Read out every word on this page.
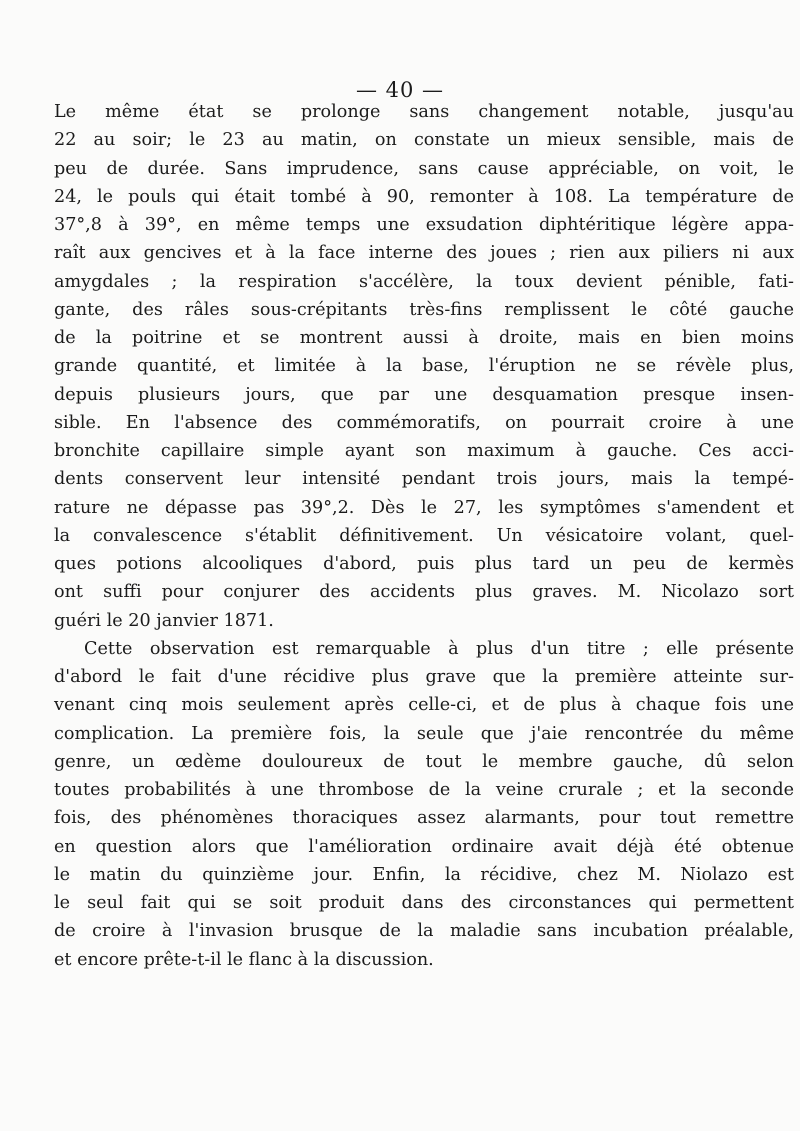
— 40 —
Le même état se prolonge sans changement notable, jusqu'au
22 au soir; le 23 au matin, on constate un mieux sensible, mais de
peu de durée. Sans imprudence, sans cause appréciable, on voit, le
24, le pouls qui était tombé à 90, remonter à 108. La température de
37°,8 à 39°, en même temps une exsudation diphtéritique légère appa-
raît aux gencives et à la face interne des joues ; rien aux piliers ni aux
amygdales ; la respiration s'accélère, la toux devient pénible, fati-
gante, des râles sous-crépitants très-fins remplissent le côté gauche
de la poitrine et se montrent aussi à droite, mais en bien moins
grande quantité, et limitée à la base, l'éruption ne se révèle plus,
depuis plusieurs jours, que par une desquamation presque insen-
sible. En l'absence des commémoratifs, on pourrait croire à une
bronchite capillaire simple ayant son maximum à gauche. Ces acci-
dents conservent leur intensité pendant trois jours, mais la tempé-
rature ne dépasse pas 39°,2. Dès le 27, les symptômes s'amendent et
la convalescence s'établit définitivement. Un vésicatoire volant, quel-
ques potions alcooliques d'abord, puis plus tard un peu de kermès
ont suffi pour conjurer des accidents plus graves. M. Nicolazo sort
guéri le 20 janvier 1871.
Cette observation est remarquable à plus d'un titre ; elle présente
d'abord le fait d'une récidive plus grave que la première atteinte sur-
venant cinq mois seulement après celle-ci, et de plus à chaque fois une
complication. La première fois, la seule que j'aie rencontrée du même
genre, un œdème douloureux de tout le membre gauche, dû selon
toutes probabilités à une thrombose de la veine crurale ; et la seconde
fois, des phénomènes thoraciques assez alarmants, pour tout remettre
en question alors que l'amélioration ordinaire avait déjà été obtenue
le matin du quinzième jour. Enfin, la récidive, chez M. Niolazo est
le seul fait qui se soit produit dans des circonstances qui permettent
de croire à l'invasion brusque de la maladie sans incubation préalable,
et encore prête-t-il le flanc à la discussion.
